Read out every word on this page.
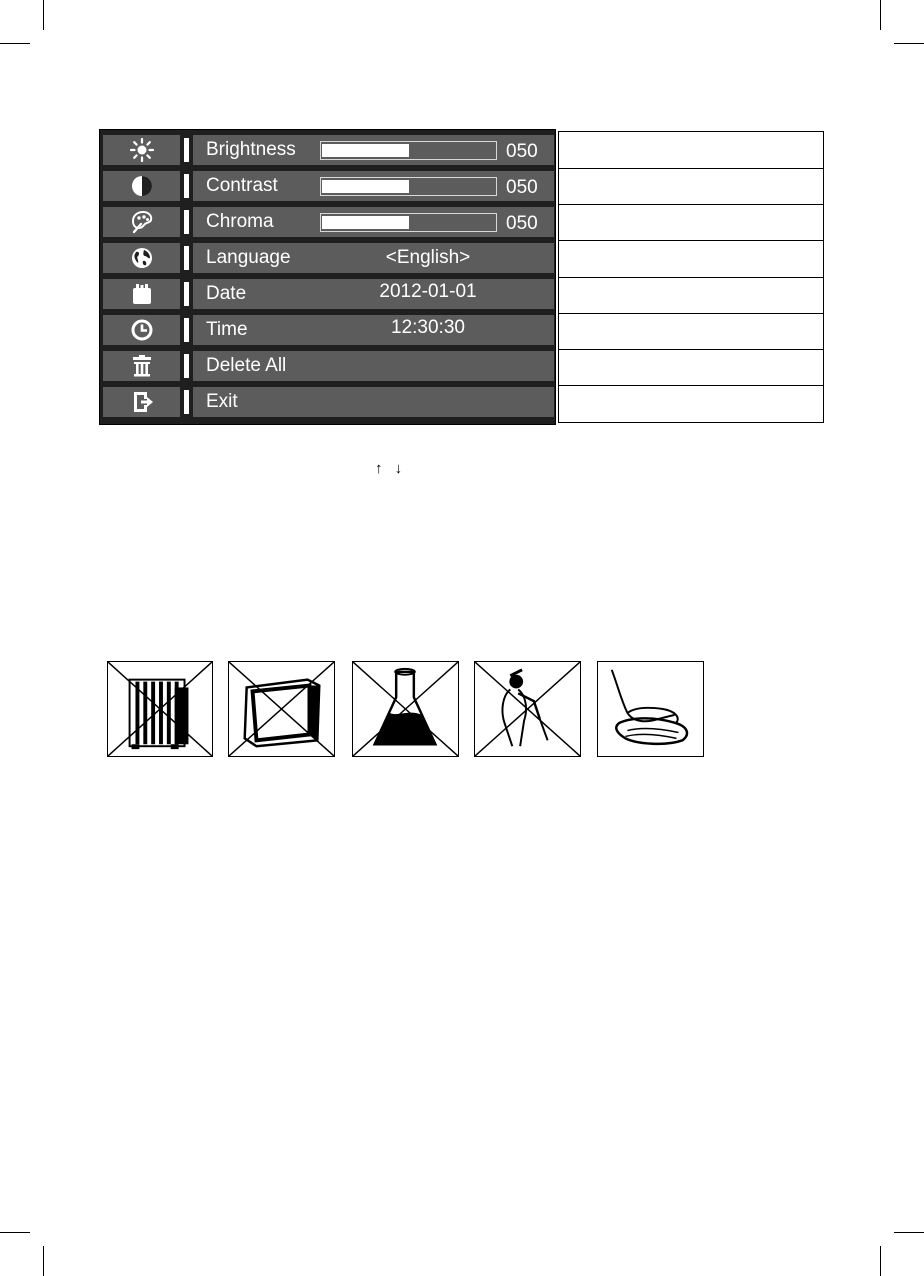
Brightness	050
Contrast	050
Chroma	050
Language	<English>
Date	2012-01-01
Time	12:30:30
Delete All
Exit
↑ ↓
